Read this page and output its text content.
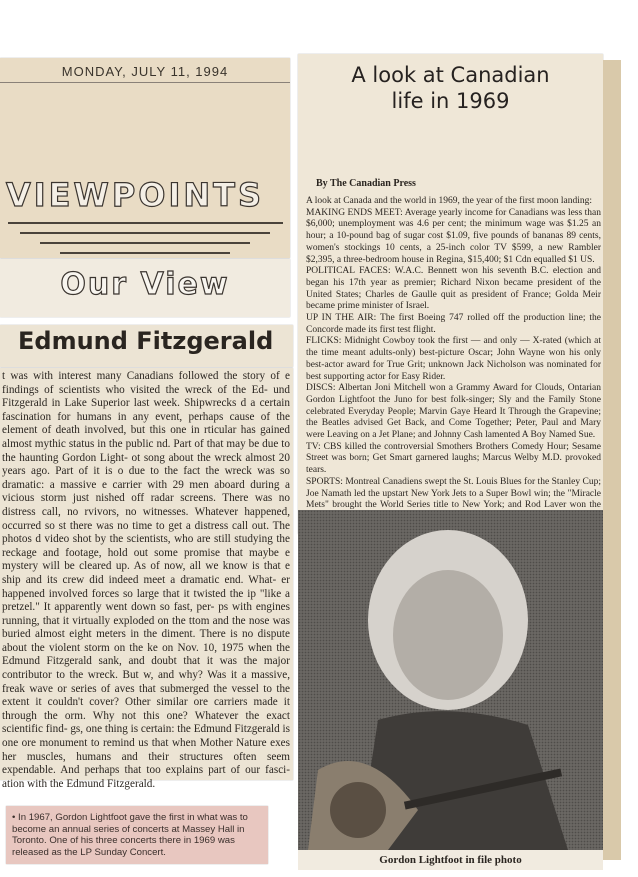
MONDAY, JULY 11, 1994
VIEWPOINTS
Our View
Edmund Fitzgerald
t was with interest many Canadians followed the story of e findings of scientists who visited the wreck of the Ed- und Fitzgerald in Lake Superior last week. Shipwrecks d a certain fascination for humans in any event, perhaps cause of the element of death involved, but this one in rticular has gained almost mythic status in the public nd. Part of that may be due to the haunting Gordon Light- ot song about the wreck almost 20 years ago. Part of it is o due to the fact the wreck was so dramatic: a massive e carrier with 29 men aboard during a vicious storm just nished off radar screens. There was no distress call, no rvivors, no witnesses. Whatever happened, occurred so st there was no time to get a distress call out. The photos d video shot by the scientists, who are still studying the reckage and footage, hold out some promise that maybe e mystery will be cleared up. As of now, all we know is that e ship and its crew did indeed meet a dramatic end. What- er happened involved forces so large that it twisted the ip "like a pretzel." It apparently went down so fast, per- ps with engines running, that it virtually exploded on the ttom and the nose was buried almost eight meters in the diment. There is no dispute about the violent storm on the ke on Nov. 10, 1975 when the Edmund Fitzgerald sank, and doubt that it was the major contributor to the wreck. But w, and why? Was it a massive, freak wave or series of aves that submerged the vessel to the extent it couldn't cover? Other similar ore carriers made it through the orm. Why not this one? Whatever the exact scientific find- gs, one thing is certain: the Edmund Fitzgerald is one ore monument to remind us that when Mother Nature exes her muscles, humans and their structures often seem expendable. And perhaps that too explains part of our fasci- ation with the Edmund Fitzgerald.
• In 1967, Gordon Lightfoot gave the first in what was to become an annual series of concerts at Massey Hall in Toronto. One of his three concerts there in 1969 was released as the LP Sunday Concert.
A look at Canadian
life in 1969
By The Canadian Press

A look at Canada and the world in 1969, the year of the first moon landing:

MAKING ENDS MEET: Average yearly income for Canadians was less than $6,000; unemployment was 4.6 per cent; the minimum wage was $1.25 an hour; a 10-pound bag of sugar cost $1.09, five pounds of bananas 89 cents, women's stockings 10 cents, a 25-inch color TV $599, a new Rambler $2,395, a three-bedroom house in Regina, $15,400; $1 Cdn equalled $1 US.

POLITICAL FACES: W.A.C. Bennett won his seventh B.C. election and began his 17th year as premier; Richard Nixon became president of the United States; Charles de Gaulle quit as president of France; Golda Meir became prime minister of Israel.

UP IN THE AIR: The first Boeing 747 rolled off the production line; the Concorde made its first test flight.

FLICKS: Midnight Cowboy took the first — and only — X-rated (which at the time meant adults-only) best-picture Oscar; John Wayne won his only best-actor award for True Grit; unknown Jack Nicholson was nominated for best supporting actor for Easy Rider.

DISCS: Albertan Joni Mitchell won a Grammy Award for Clouds, Ontarian Gordon Lightfoot the Juno for best folk-singer; Sly and the Family Stone celebrated Everyday People; Marvin Gaye Heard It Through the Grapevine; the Beatles advised Get Back, and Come Together; Peter, Paul and Mary were Leaving on a Jet Plane; and Johnny Cash lamented A Boy Named Sue.

TV: CBS killed the controversial Smothers Brothers Comedy Hour; Sesame Street was born; Get Smart garnered laughs; Marcus Welby M.D. provoked tears.

SPORTS: Montreal Canadiens swept the St. Louis Blues for the Stanley Cup; Joe Namath led the upstart New York Jets to a Super Bowl win; the "Miracle Mets" brought the World Series title to New York; and Rod Laver won the

Gordon Lightfoot in file photo
